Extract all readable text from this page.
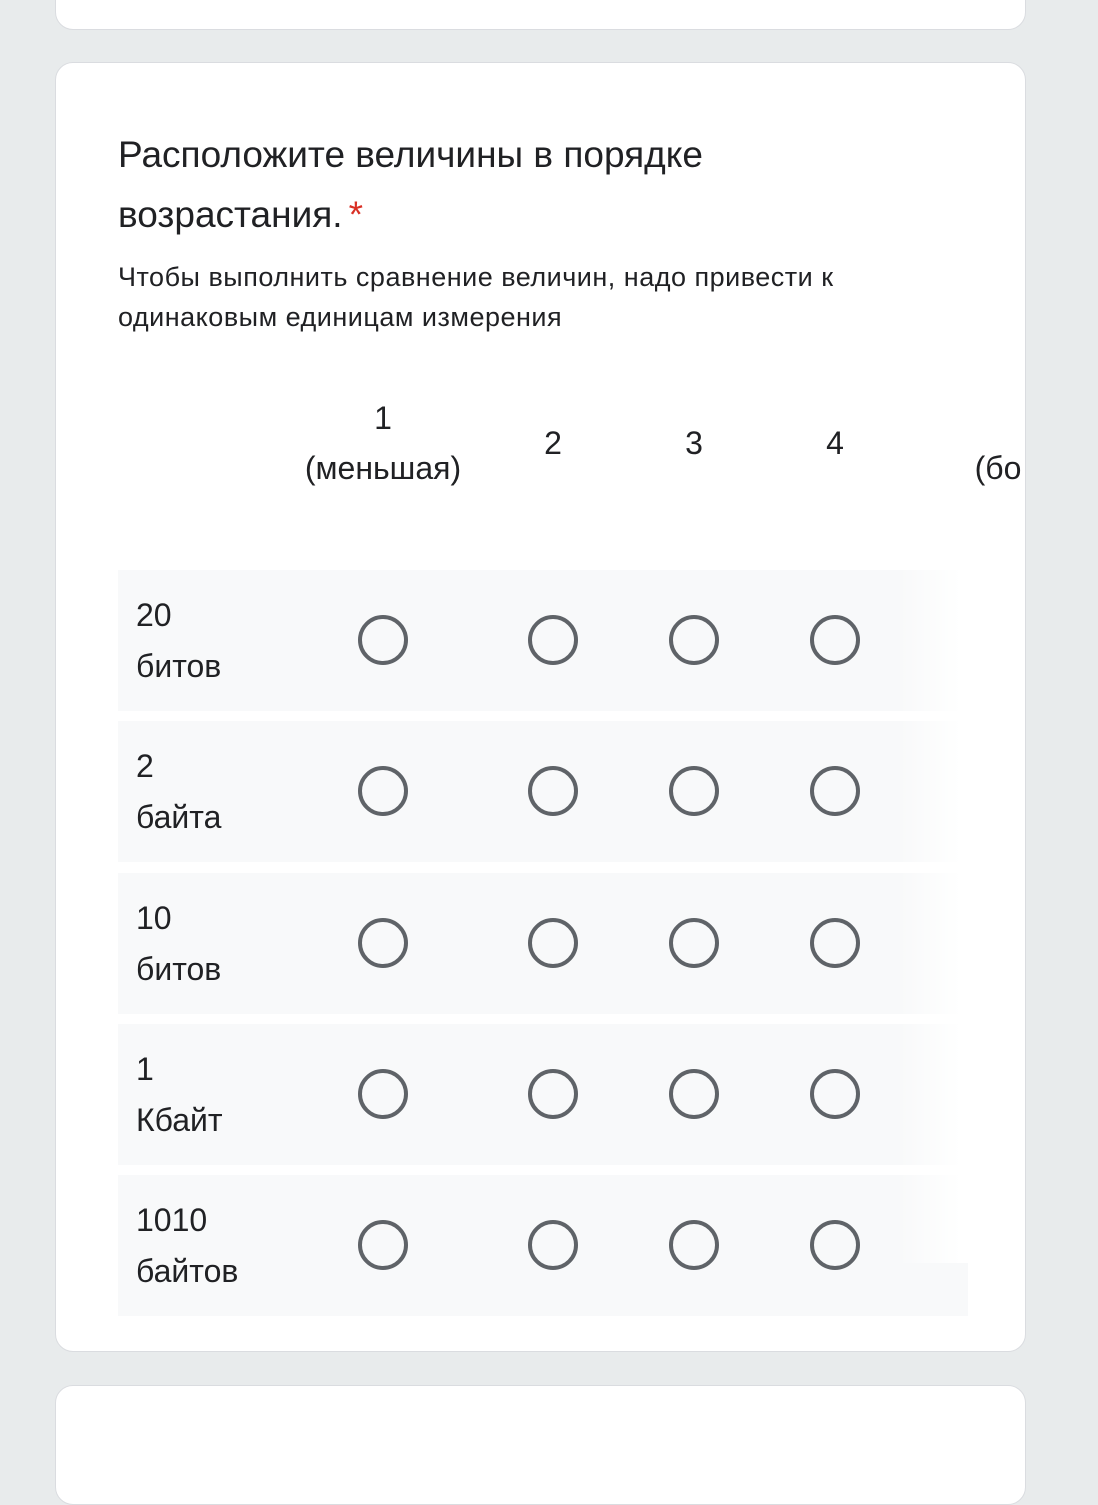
Расположите величины в порядке возрастания. *
Чтобы выполнить сравнение величин, надо привести к одинаковым единицам измерения
1
(меньшая)
2	3	4

(бо
20
битов
2
байта
10
битов
1
Кбайт
1010
байтов
